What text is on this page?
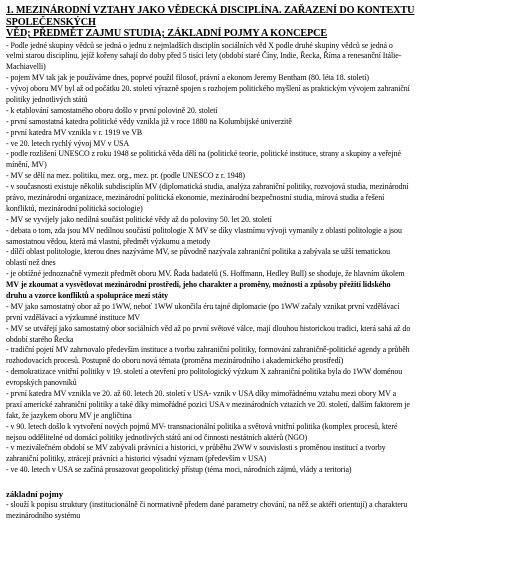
1. MEZINÁRODNÍ VZTAHY JAKO VĚDECKÁ DISCIPLÍNA. ZAŘAZENÍ DO KONTEXTU SPOLEČENSKÝCH
VĚD; PŘEDMĚT ZAJMU STUDIA; ZÁKLADNÍ POJMY A KONCEPCE
- Podle jedné skupiny vědců se jedná o jednu z nejmladších disciplín sociálních věd X podle druhé skupiny vědců se jedná o
velmi starou disciplínu, jejíž kořeny sahají do doby před 5 tisíci lety (období staré Číny, Indie, Řecka, Říma a renesanční Itálie-
Machiavelli)
- pojem MV tak jak je používáme dnes, poprvé použil filosof, právní a ekonom Jeremy Bentham (80. léta 18. století)
- vývoj oboru MV byl až od počátku 20. století výrazně spojen s rozbojem politického myšlení as praktickým vývojem zahraniční
politiky jednotlivých států
- k etablování samostatného oboru došlo v první polovině 20. století
- první samostatná katedra politické vědy vznikla již v roce 1880 na Kolumbijské univerzitě
- první katedra MV vznikla v r. 1919 ve VB
- ve 20. letech rychlý vývoj MV v USA
- podle rozlišení UNESCO z roku 1948 se politická věda dělí na (politické teorie, politické instituce, strany a skupiny a veřejné
mínění, MV)
- MV se dělí na mez. politiku, mez. org., mez. pr. (podle UNESCO z r. 1948)
- v současnosti existuje několik subdisciplín MV (diplomatická studia, analýza zahraniční politiky, rozvojová studia, mezinárodní
právo, mezinárodní organizace, mezinárodní politická ekonomie, mezinárodní bezpečnostní studia, mírová studia a řešení
konfliktů, mezinárodní politická sociologie)
- MV se vyvíjely jako nedílná součást politické vědy až do poloviny 50. let 20. století
- debata o tom, zda jsou MV nedílnou součástí politologie X MV se díky vlastnímu vývoji vymanily z oblasti politologie a jsou
samostatnou vědou, která má vlastní, předmět výzkumu a metody
- dílčí oblast politologie, kterou dnes nazýváme MV, se původně nazývala zahraniční politika a zabývala se užší tematickou
oblastí než dnes
- je obtížné jednoznačně vymezit předmět oboru MV. Řada badatelů (S. Hoffmann, Hedley Bull) se shoduje, že hlavním úkolem
MV je zkoumat a vysvětlovat mezinárodní prostředí, jeho charakter a proměny, možnosti a způsoby přežití lidského
druhu a vzorce konfliktů a spolupráce mezi státy
- MV jako samostatný obor až po 1WW, neboť 1WW ukončila éru tajné diplomacie (po 1WW začaly vznikat první vzdělávací
první vzdělávací a výzkumné instituce MV
- MV se utvářejí jako samostatný obor sociálních věd až po první světové válce, mají dlouhou historickou tradici, která sahá až do
období starého Řecka
- tradiční pojetí MV zahrnovalo především instituce a tvorbu zahraniční politiky, formování zahraničně-politické agendy a průběh
rozhodovacích procesů. Postupně do oboru nová témata (proměna mezinárodního i akademického prostředí)
- demokratizace vnitřní politiky v 19. století a otevření pro politologický výzkum X zahraniční politika byla do 1WW doménou
evropských panovníků
- první katedra MV vznikla ve 20. až 60. letech 20. století v USA- vznik v USA díky mimořádnému vztahu mezi obory MV a
praxí americké zahraniční politiky a také díky mimořádné pozici USA v mezinárodních vztazích ve 20. století, dalším faktorem je
fakt, že jazykem oboru MV je angličtina
- v 90. letech došlo k vytvoření nových pojmů MV- transnacionální politika a světová vnitřní politika (komplex procesů, které
nejsou oddělitelné od domácí politiky jednotlivých států ani od činnosti nestátních aktérů (NGO)
- v meziválečném období se MV zabývali právníci a historici, v průběhu 2WW v souvislosti s proměnou institucí a tvorby
zahraniční politiky, ztrácejí právníci a historici výsadní význam (především v USA)
- ve 40. letech v USA se začíná prosazovat geopolitický přístup (téma moci, národních zájmů, vlády a teritoria)
základní pojmy
- slouží k popisu struktury (institucionálně či normativně předem dané parametry chování, na něž se aktéři orientují) a charakteru
mezinárodního systému
